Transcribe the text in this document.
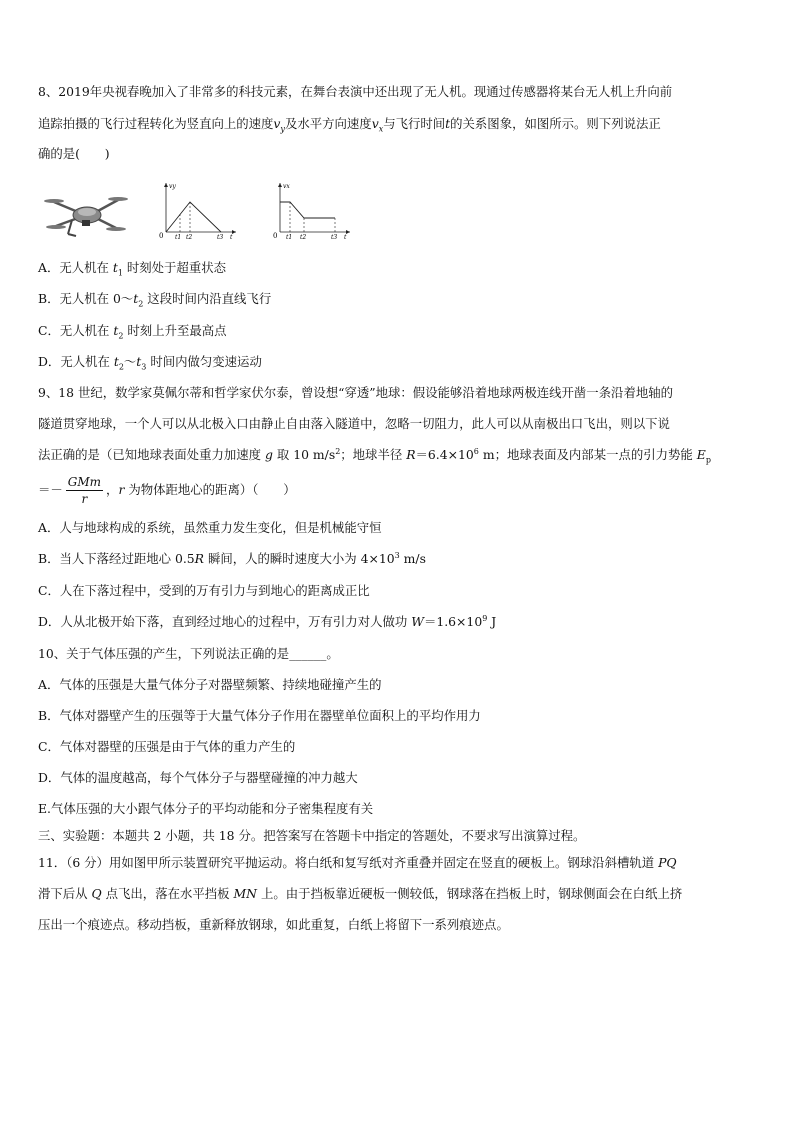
8、2019年央视春晚加入了非常多的科技元素，在舞台表演中还出现了无人机。现通过传感器将某台无人机上升向前
追踪拍摄的飞行过程转化为竖直向上的速度$v_y$及水平方向速度$v_x$与飞行时间t的关系图象，如图所示。则下列说法正
确的是(　　)
vy
0 t1 t2	t3 t
vx
0 t1 t2	t3 t
A．无人机在 $t_1$ 时刻处于超重状态
B．无人机在 $0\sim t_2$ 这段时间内沿直线飞行
C．无人机在 $t_2$ 时刻上升至最高点
D．无人机在 $t_2\sim t_3$ 时间内做匀变速运动
9、18 世纪，数学家莫佩尔蒂和哲学家伏尔泰，曾设想“穿透”地球：假设能够沿着地球两极连线开凿一条沿着地轴的
隧道贯穿地球，一个人可以从北极入口由静止自由落入隧道中，忽略一切阻力，此人可以从南极出口飞出，则以下说
法正确的是（已知地球表面处重力加速度 g 取 10 $m/s^2$；地球半径 $R=6.4\times 10^6$ m；地球表面及内部某一点的引力势能 $E_p$
＝－ $\frac{\text{GMm}}{r}$ ，r 为物体距地心的距离）（　　）
A．人与地球构成的系统，虽然重力发生变化，但是机械能守恒
B．当人下落经过距地心 0.5R 瞬间，人的瞬时速度大小为 $4\times 10^3$ m/s
C．人在下落过程中，受到的万有引力与到地心的距离成正比
D．人从北极开始下落，直到经过地心的过程中，万有引力对人做功 $W=1.6\times 10^9$ J
10、关于气体压强的产生，下列说法正确的是______。
A．气体的压强是大量气体分子对器壁频繁、持续地碰撞产生的
B．气体对器壁产生的压强等于大量气体分子作用在器壁单位面积上的平均作用力
C．气体对器壁的压强是由于气体的重力产生的
D．气体的温度越高，每个气体分子与器壁碰撞的冲力越大
E.气体压强的大小跟气体分子的平均动能和分子密集程度有关
三、实验题：本题共 2 小题，共 18 分。把答案写在答题卡中指定的答题处，不要求写出演算过程。
11．（6 分）用如图甲所示装置研究平抛运动。将白纸和复写纸对齐重叠并固定在竖直的硬板上。钢球沿斜槽轨道 PQ
滑下后从 Q 点飞出，落在水平挡板 MN 上。由于挡板靠近硬板一侧较低，钢球落在挡板上时，钢球侧面会在白纸上挤
压出一个痕迹点。移动挡板，重新释放钢球，如此重复，白纸上将留下一系列痕迹点。
